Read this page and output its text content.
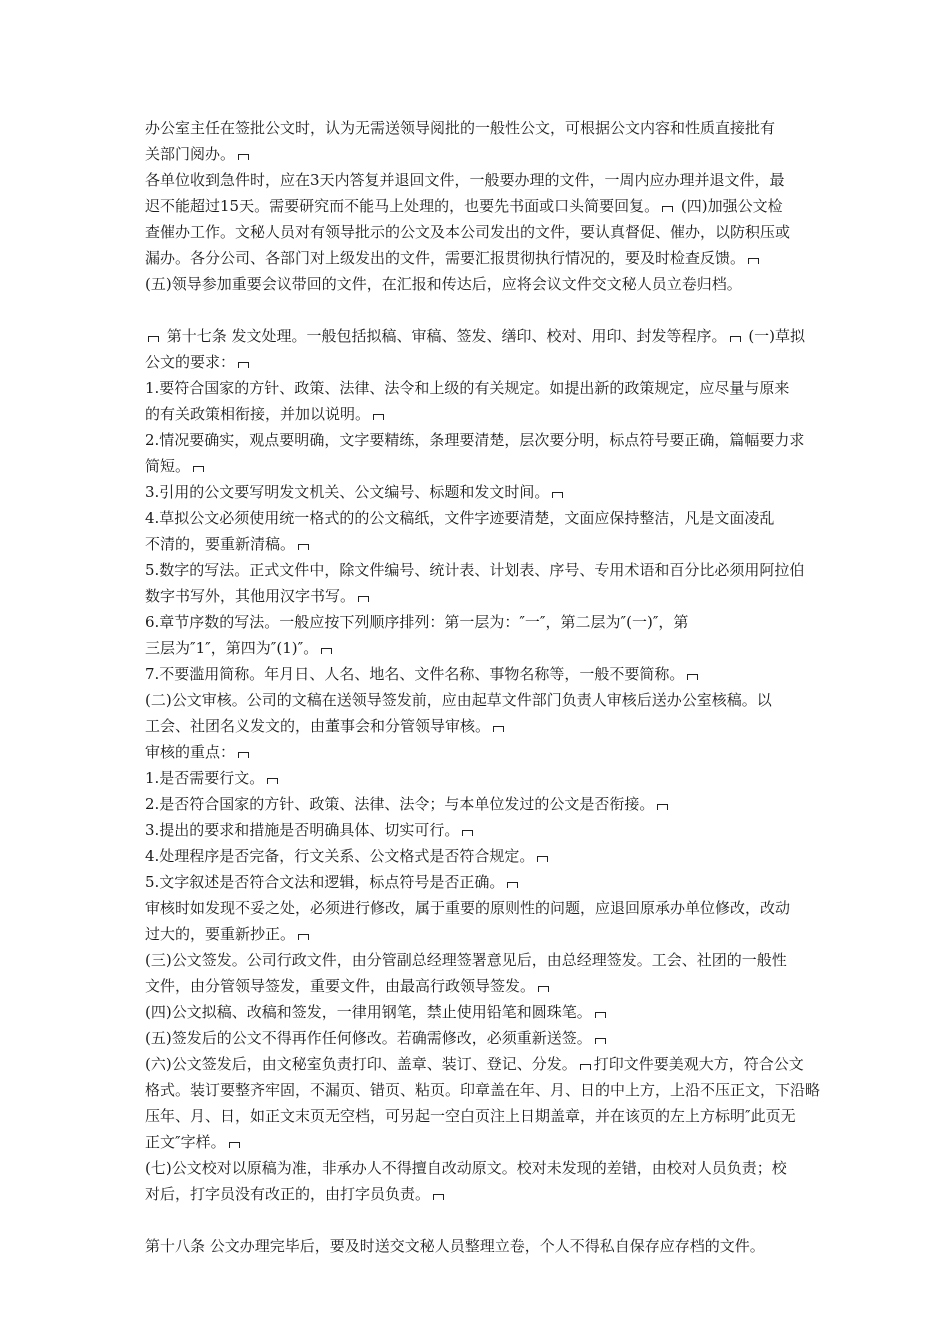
办公室主任在签批公文时，认为无需送领导阅批的一般性公文，可根据公文内容和性质直接批有
关部门阅办。
各单位收到急件时，应在3天内答复并退回文件，一般要办理的文件，一周内应办理并退文件，最
迟不能超过15天。需要研究而不能马上处理的，也要先书面或口头简要回复。 (四)加强公文检
查催办工作。文秘人员对有领导批示的公文及本公司发出的文件，要认真督促、催办，以防积压或
漏办。各分公司、各部门对上级发出的文件，需要汇报贯彻执行情况的，要及时检查反馈。
(五)领导参加重要会议带回的文件，在汇报和传达后，应将会议文件交文秘人员立卷归档。
第十七条 发文处理。一般包括拟稿、审稿、签发、缮印、校对、用印、封发等程序。 (一)草拟
公文的要求：
1.要符合国家的方针、政策、法律、法令和上级的有关规定。如提出新的政策规定，应尽量与原来
的有关政策相衔接，并加以说明。
2.情况要确实，观点要明确，文字要精练，条理要清楚，层次要分明，标点符号要正确，篇幅要力求
简短。
3.引用的公文要写明发文机关、公文编号、标题和发文时间。
4.草拟公文必须使用统一格式的的公文稿纸，文件字迹要清楚，文面应保持整洁，凡是文面凌乱
不清的，要重新清稿。
5.数字的写法。正式文件中，除文件编号、统计表、计划表、序号、专用术语和百分比必须用阿拉伯
数字书写外，其他用汉字书写。
6.章节序数的写法。一般应按下列顺序排列：第一层为：″一″，第二层为″(一)″，第
三层为″1″，第四为″(1)″。
7.不要滥用简称。年月日、人名、地名、文件名称、事物名称等，一般不要简称。
(二)公文审核。公司的文稿在送领导签发前，应由起草文件部门负责人审核后送办公室核稿。以
工会、社团名义发文的，由董事会和分管领导审核。
审核的重点：
1.是否需要行文。
2.是否符合国家的方针、政策、法律、法令；与本单位发过的公文是否衔接。
3.提出的要求和措施是否明确具体、切实可行。
4.处理程序是否完备，行文关系、公文格式是否符合规定。
5.文字叙述是否符合文法和逻辑，标点符号是否正确。
审核时如发现不妥之处，必须进行修改，属于重要的原则性的问题，应退回原承办单位修改，改动
过大的，要重新抄正。
(三)公文签发。公司行政文件，由分管副总经理签署意见后，由总经理签发。工会、社团的一般性
文件，由分管领导签发，重要文件，由最高行政领导签发。
(四)公文拟稿、改稿和签发，一律用钢笔，禁止使用铅笔和圆珠笔。
(五)签发后的公文不得再作任何修改。若确需修改，必须重新送签。
(六)公文签发后，由文秘室负责打印、盖章、装订、登记、分发。 打印文件要美观大方，符合公文
格式。装订要整齐牢固，不漏页、错页、粘页。印章盖在年、月、日的中上方，上沿不压正文，下沿略
压年、月、日，如正文末页无空档，可另起一空白页注上日期盖章，并在该页的左上方标明″此页无
正文″字样。
(七)公文校对以原稿为准，非承办人不得擅自改动原文。校对未发现的差错，由校对人员负责；校
对后，打字员没有改正的，由打字员负责。
第十八条 公文办理完毕后，要及时送交文秘人员整理立卷，个人不得私自保存应存档的文件。
